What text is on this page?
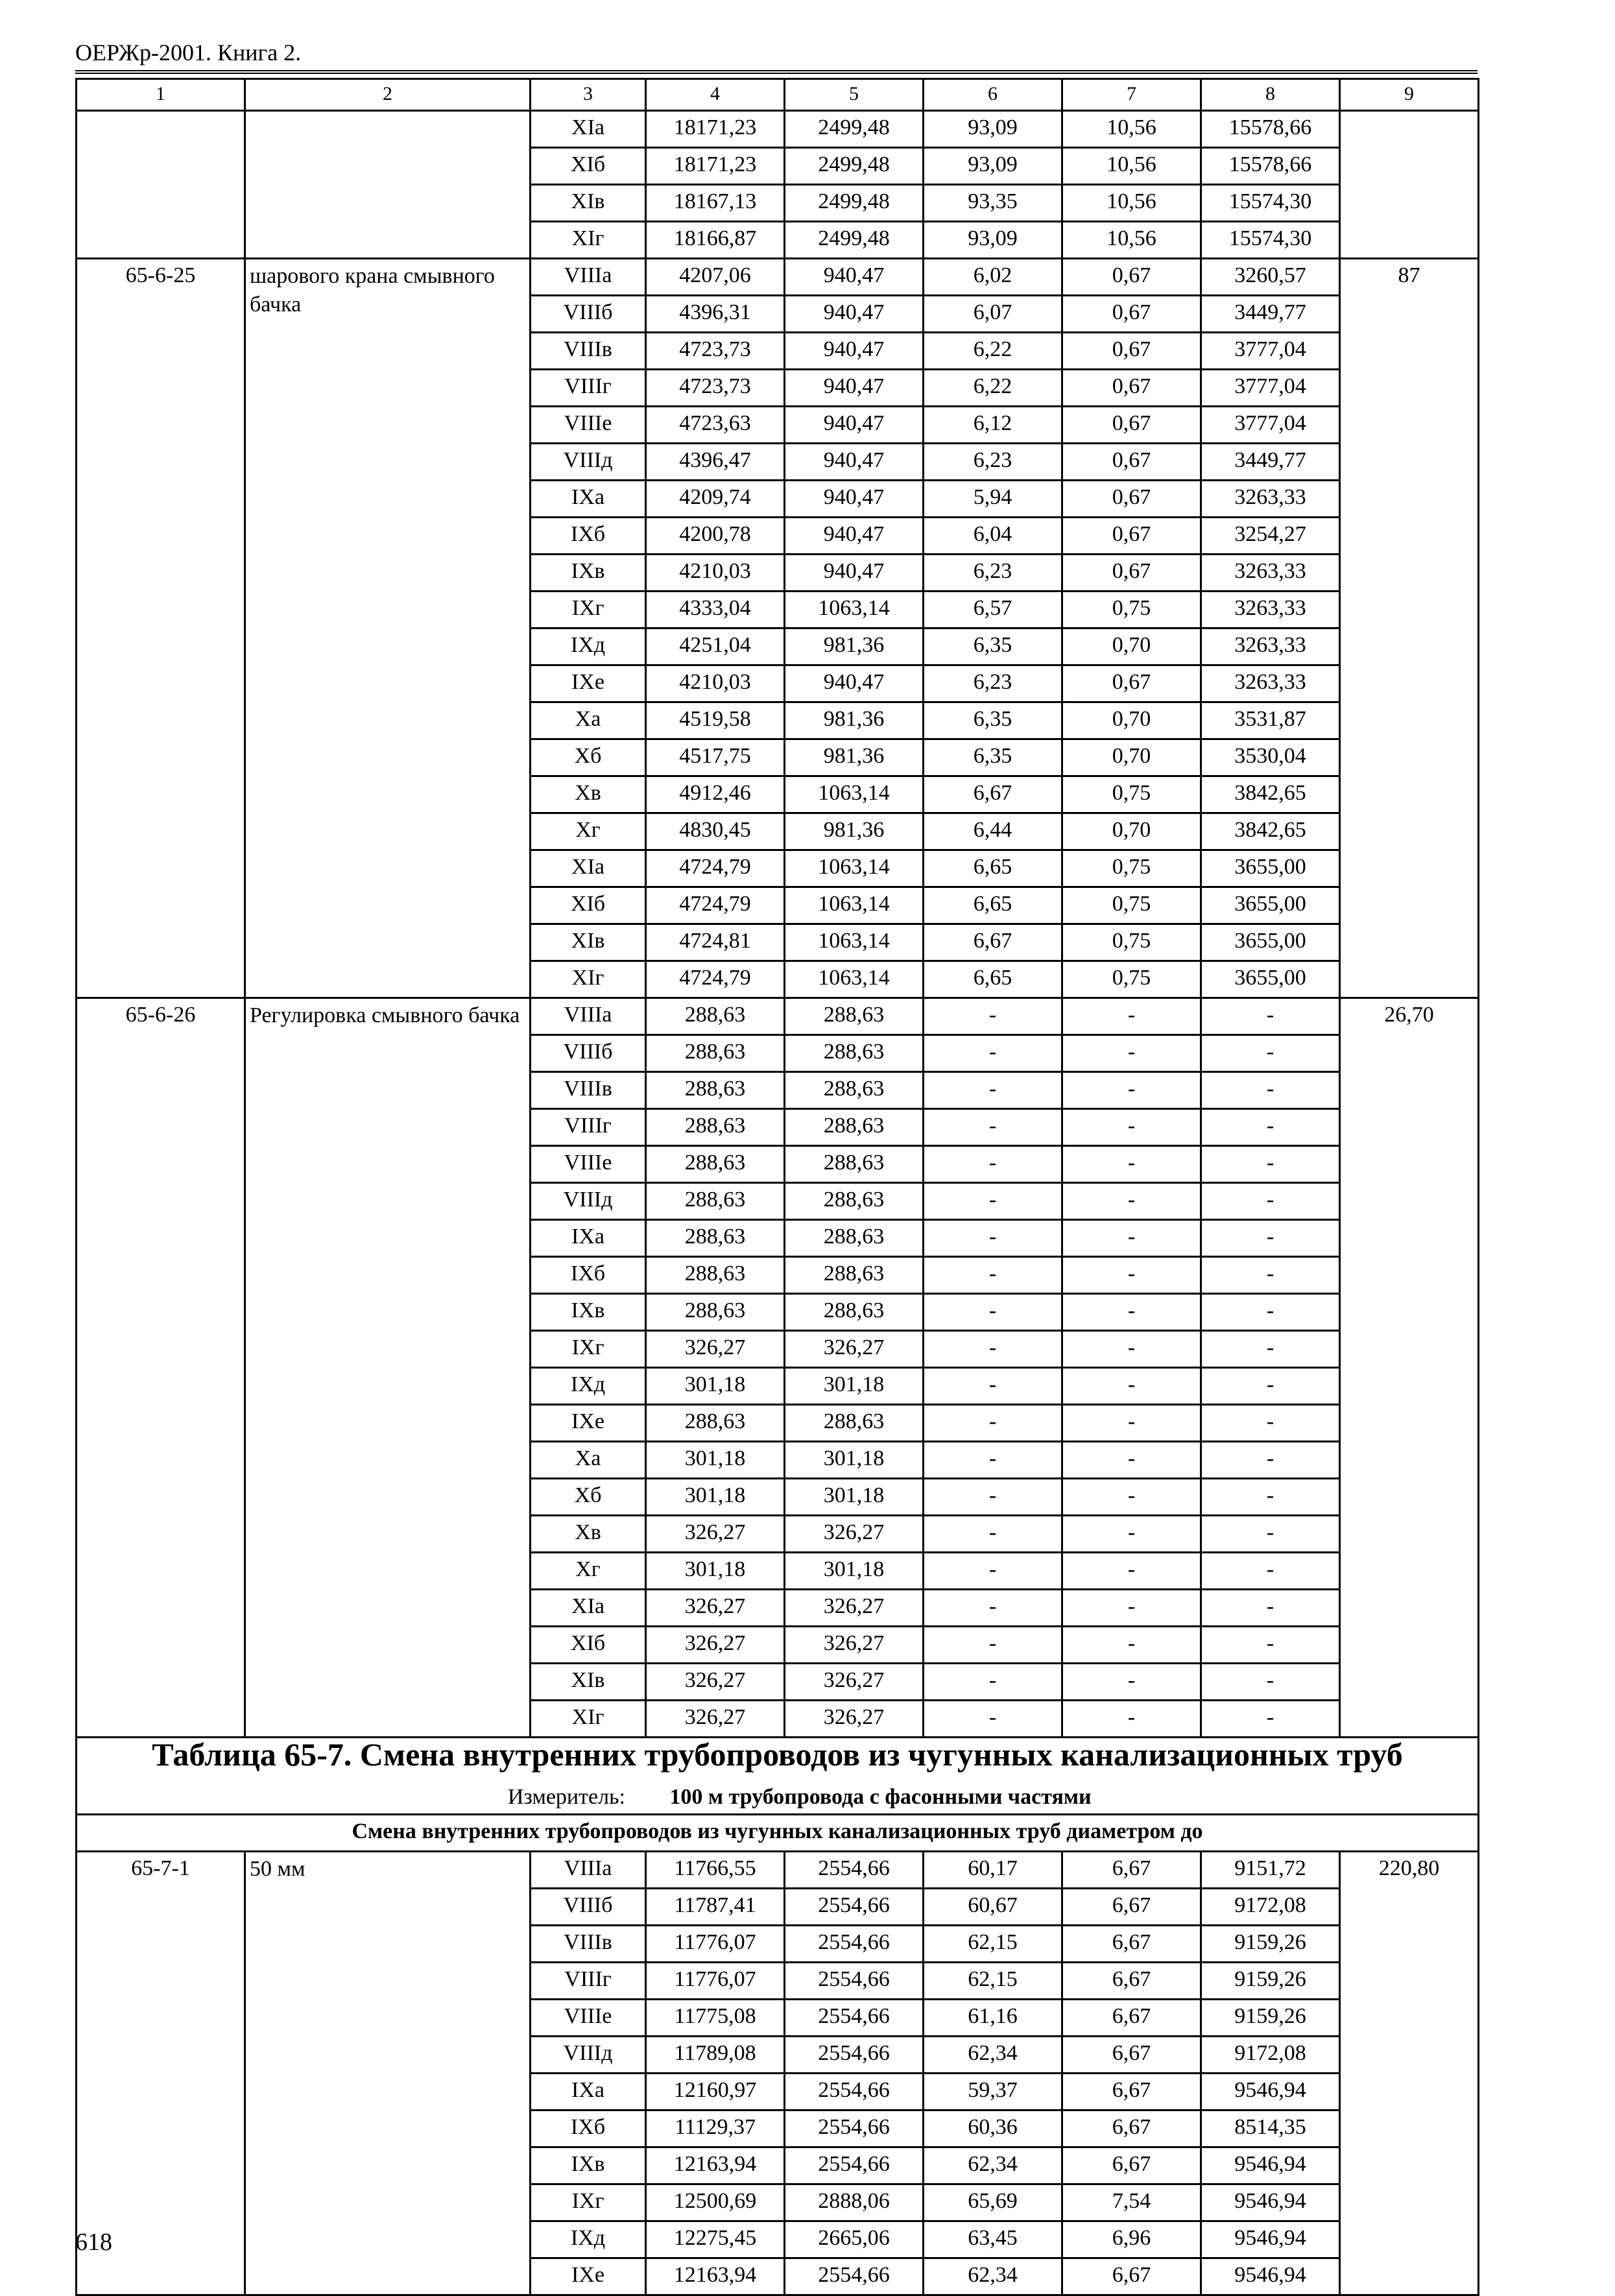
ОЕРЖр-2001. Книга 2.
1	2	3	4	5	6	7	8	9
		XIа	18171,23	2499,48	93,09	10,56	15578,66	
		XIб	18171,23	2499,48	93,09	10,56	15578,66	
		XIв	18167,13	2499,48	93,35	10,56	15574,30	
		XIг	18166,87	2499,48	93,09	10,56	15574,30	
65-6-25	шарового крана смывного бачка	VIIIа	4207,06	940,47	6,02	0,67	3260,57	87
		VIIIб	4396,31	940,47	6,07	0,67	3449,77	
		VIIIв	4723,73	940,47	6,22	0,67	3777,04	
		VIIIг	4723,73	940,47	6,22	0,67	3777,04	
		VIIIе	4723,63	940,47	6,12	0,67	3777,04	
		VIIIд	4396,47	940,47	6,23	0,67	3449,77	
		IXа	4209,74	940,47	5,94	0,67	3263,33	
		IXб	4200,78	940,47	6,04	0,67	3254,27	
		IXв	4210,03	940,47	6,23	0,67	3263,33	
		IXг	4333,04	1063,14	6,57	0,75	3263,33	
		IXд	4251,04	981,36	6,35	0,70	3263,33	
		IXе	4210,03	940,47	6,23	0,67	3263,33	
		Xа	4519,58	981,36	6,35	0,70	3531,87	
		Xб	4517,75	981,36	6,35	0,70	3530,04	
		Xв	4912,46	1063,14	6,67	0,75	3842,65	
		Xг	4830,45	981,36	6,44	0,70	3842,65	
		XIа	4724,79	1063,14	6,65	0,75	3655,00	
		XIб	4724,79	1063,14	6,65	0,75	3655,00	
		XIв	4724,81	1063,14	6,67	0,75	3655,00	
		XIг	4724,79	1063,14	6,65	0,75	3655,00	
65-6-26	Регулировка смывного бачка	VIIIа	288,63	288,63	-	-	-	26,70
		VIIIб	288,63	288,63	-	-	-	
		VIIIв	288,63	288,63	-	-	-	
		VIIIг	288,63	288,63	-	-	-	
		VIIIе	288,63	288,63	-	-	-	
		VIIIд	288,63	288,63	-	-	-	
		IXа	288,63	288,63	-	-	-	
		IXб	288,63	288,63	-	-	-	
		IXв	288,63	288,63	-	-	-	
		IXг	326,27	326,27	-	-	-	
		IXд	301,18	301,18	-	-	-	
		IXе	288,63	288,63	-	-	-	
		Xа	301,18	301,18	-	-	-	
		Xб	301,18	301,18	-	-	-	
		Xв	326,27	326,27	-	-	-	
		Xг	301,18	301,18	-	-	-	
		XIа	326,27	326,27	-	-	-	
		XIб	326,27	326,27	-	-	-	
		XIв	326,27	326,27	-	-	-	
		XIг	326,27	326,27	-	-	-	
Таблица 65-7. Смена внутренних трубопроводов из чугунных канализационных труб								
Измеритель: 100 м трубопровода с фасонными частями								
Смена внутренних трубопроводов из чугунных канализационных труб диаметром до								
65-7-1	50 мм	VIIIа	11766,55	2554,66	60,17	6,67	9151,72	220,80
		VIIIб	11787,41	2554,66	60,67	6,67	9172,08	
		VIIIв	11776,07	2554,66	62,15	6,67	9159,26	
		VIIIг	11776,07	2554,66	62,15	6,67	9159,26	
		VIIIе	11775,08	2554,66	61,16	6,67	9159,26	
		VIIIд	11789,08	2554,66	62,34	6,67	9172,08	
		IXа	12160,97	2554,66	59,37	6,67	9546,94	
		IXб	11129,37	2554,66	60,36	6,67	8514,35	
		IXв	12163,94	2554,66	62,34	6,67	9546,94	
		IXг	12500,69	2888,06	65,69	7,54	9546,94	
		IXд	12275,45	2665,06	63,45	6,96	9546,94	
		IXе	12163,94	2554,66	62,34	6,67	9546,94	
618
